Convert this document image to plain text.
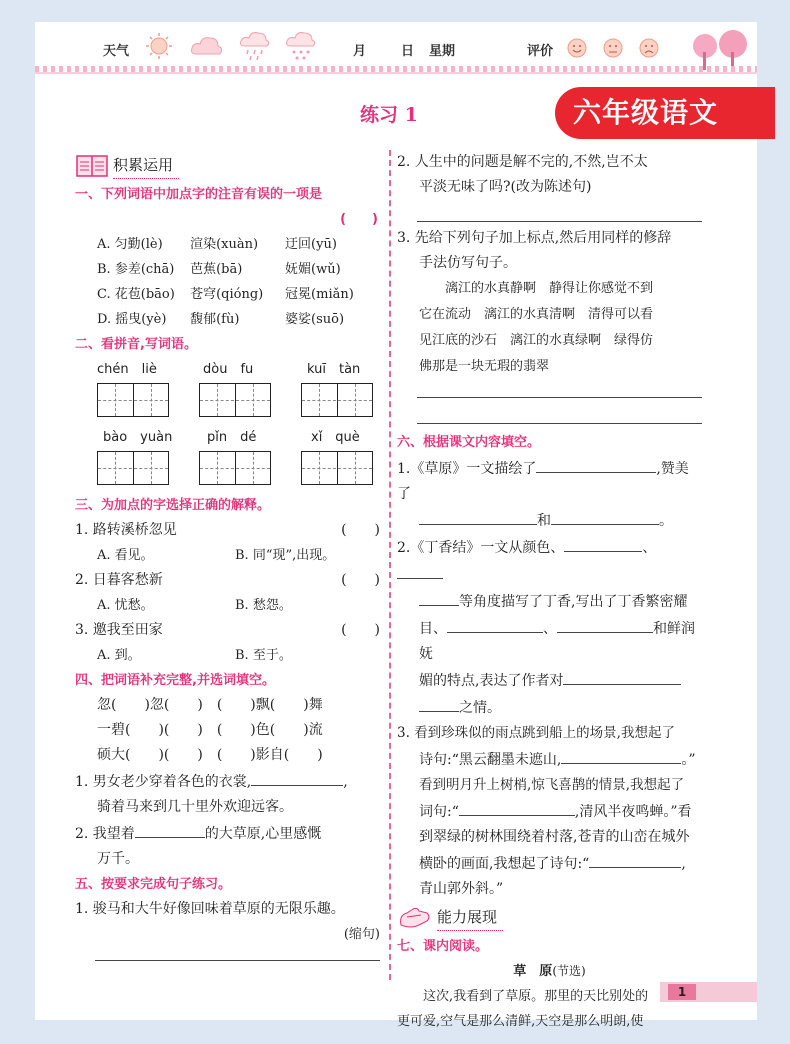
天气	月	日 星期	评价
练习 1	六年级语文
积累运用
一、下列词语中加点字的注音有误的一项是
(　　)
A. 匀勤(lè)	渲染(xuàn)	迂回(yū)
B. 参差(chā)	芭蕉(bā)	妩媚(wǔ)
C. 花苞(bāo)	苍穹(qióng)	冠冕(miǎn)
D. 摇曳(yè)	馥郁(fù)	婆娑(suō)
二、看拼音,写词语。
chén　liè	dòu　fu	kuī　tàn
bào　yuàn	pǐn　dé	xǐ　què
三、为加点的字选择正确的解释。
1. 路转溪桥忽见	(　　)
A. 看见。	B. 同“现”,出现。
2. 日暮客愁新	(　　)
A. 忧愁。	B. 愁怨。
3. 邀我至田家	(　　)
A. 到。	B. 至于。
四、把词语补充完整,并选词填空。
忽(　　)忽(　　)　(　　)飘(　　)舞
一碧(　　)(　　)　(　　)色(　　)流
硕大(　　)(　　)　(　　)影自(　　)
1. 男女老少穿着各色的衣裳,	,
骑着马来到几十里外欢迎远客。
2. 我望着	的大草原,心里感慨
万千。
五、按要求完成句子练习。
1. 骏马和大牛好像回味着草原的无限乐趣。
(缩句)
2. 人生中的问题是解不完的,不然,岂不太
平淡无味了吗?(改为陈述句)
3. 先给下列句子加上标点,然后用同样的修辞
手法仿写句子。
漓江的水真静啊　静得让你感觉不到
它在流动　漓江的水真清啊　清得可以看
见江底的沙石　漓江的水真绿啊　绿得仿
佛那是一块无瑕的翡翠
六、根据课文内容填空。
1.《草原》一文描绘了	,赞美了
和	。
2.《丁香结》一文从颜色、	、
等角度描写了丁香,写出了丁香繁密耀
目、	、	和鲜润妩
媚的特点,表达了作者对
之情。
3. 看到珍珠似的雨点跳到船上的场景,我想起了
诗句:“黑云翻墨未遮山,	。”
看到明月升上树梢,惊飞喜鹊的情景,我想起了
词句:“	,清风半夜鸣蝉。”看
到翠绿的树林围绕着村落,苍青的山峦在城外
横卧的画面,我想起了诗句:“	,
青山郭外斜。”
能力展现
七、课内阅读。
草　原(节选)
这次,我看到了草原。那里的天比别处的
更可爱,空气是那么清鲜,天空是那么明朗,使
1
